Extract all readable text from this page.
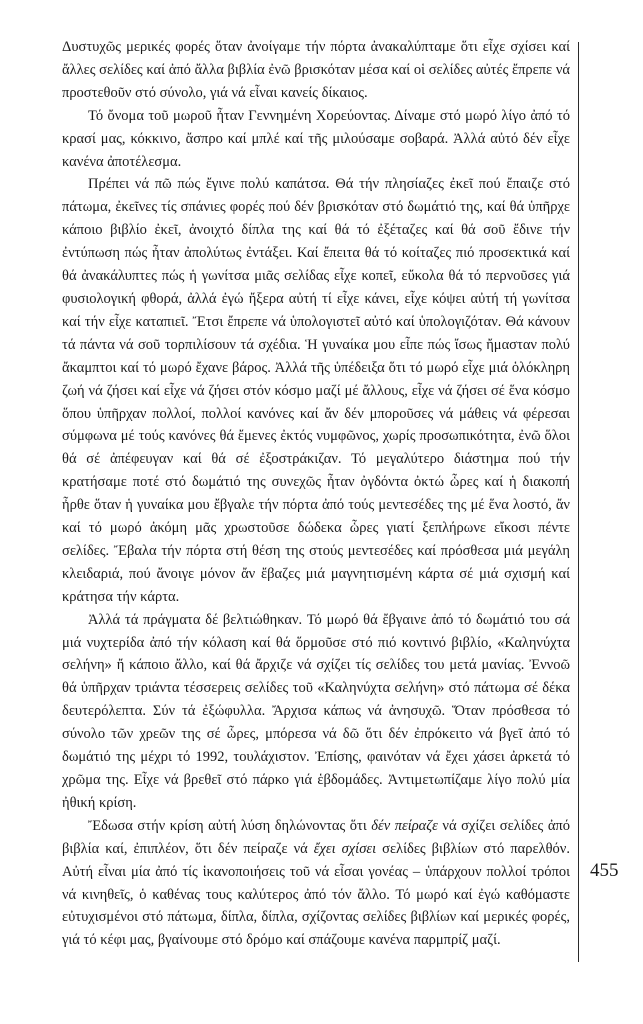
455

Δυστυχῶς μερικές φορές ὅταν ἀνοίγαμε τήν πόρτα ἀνακαλύπταμε ὅτι εἶχε σχίσει καί ἄλλες σελίδες καί ἀπό ἄλλα βιβλία ἐνῶ βρισκόταν μέσα καί οἱ σελίδες αὐτές ἔπρεπε νά προστεθοῦν στό σύνολο, γιά νά εἶναι κανείς δίκαιος.

Τό ὄνομα τοῦ μωροῦ ἦταν Γεννημένη Χορεύοντας. Δίναμε στό μωρό λίγο ἀπό τό κρασί μας, κόκκινο, ἄσπρο καί μπλέ καί τῆς μιλούσαμε σοβαρά. Ἀλλά αὐτό δέν εἶχε κανένα ἀποτέλεσμα.

Πρέπει νά πῶ πώς ἔγινε πολύ καπάτσα. Θά τήν πλησίαζες ἐκεῖ πού ἔπαιζε στό πάτωμα, ἐκεῖνες τίς σπάνιες φορές πού δέν βρισκόταν στό δωμάτιό της, καί θά ὑπῆρχε κάποιο βιβλίο ἐκεῖ, ἀνοιχτό δίπλα της καί θά τό ἐξέταζες καί θά σοῦ ἔδινε τήν ἐντύπωση πώς ἦταν ἀπολύτως ἐντάξει. Καί ἔπειτα θά τό κοίταζες πιό προσεκτικά καί θά ἀνακάλυπτες πώς ἡ γωνίτσα μιᾶς σελίδας εἶχε κοπεῖ, εὔκολα θά τό περνοῦσες γιά φυσιολογική φθορά, ἀλλά ἐγώ ἤξερα αὐτή τί εἶχε κάνει, εἶχε κόψει αὐτή τή γωνίτσα καί τήν εἶχε καταπιεῖ. Ἔτσι ἔπρεπε νά ὑπολογιστεῖ αὐτό καί ὑπολογιζόταν. Θά κάνουν τά πάντα νά σοῦ τορπιλίσουν τά σχέδια. Ἡ γυναίκα μου εἶπε πώς ἴσως ἤμασταν πολύ ἄκαμπτοι καί τό μωρό ἔχανε βάρος. Ἀλλά τῆς ὑπέδειξα ὅτι τό μωρό εἶχε μιά ὁλόκληρη ζωή νά ζήσει καί εἶχε νά ζήσει στόν κόσμο μαζί μέ ἄλλους, εἶχε νά ζήσει σέ ἕνα κόσμο ὅπου ὑπῆρχαν πολλοί, πολλοί κανόνες καί ἄν δέν μποροῦσες νά μάθεις νά φέρεσαι σύμφωνα μέ τούς κανόνες θά ἔμενες ἐκτός νυμφῶνος, χωρίς προσωπικότητα, ἐνῶ ὅλοι θά σέ ἀπέφευγαν καί θά σέ ἐξοστράκιζαν. Τό μεγαλύτερο διάστημα πού τήν κρατήσαμε ποτέ στό δωμάτιό της συνεχῶς ἦταν ὀγδόντα ὀκτώ ὧρες καί ἡ διακοπή ἦρθε ὅταν ἡ γυναίκα μου ἔβγαλε τήν πόρτα ἀπό τούς μεντεσέδες της μέ ἕνα λοστό, ἄν καί τό μωρό ἀκόμη μᾶς χρωστοῦσε δώδεκα ὧρες γιατί ξεπλήρωνε εἴκοσι πέντε σελίδες. Ἔβαλα τήν πόρτα στή θέση της στούς μεντεσέδες καί πρόσθεσα μιά μεγάλη κλειδαριά, πού ἄνοιγε μόνον ἄν ἔβαζες μιά μαγνητισμένη κάρτα σέ μιά σχισμή καί κράτησα τήν κάρτα.

Ἀλλά τά πράγματα δέ βελτιώθηκαν. Τό μωρό θά ἔβγαινε ἀπό τό δωμάτιό του σά μιά νυχτερίδα ἀπό τήν κόλαση καί θά ὅρμοῦσε στό πιό κοντινό βιβλίο, «Καληνύχτα σελήνη» ἤ κάποιο ἄλλο, καί θά ἄρχιζε νά σχίζει τίς σελίδες του μετά μανίας. Ἐννοῶ θά ὑπῆρχαν τριάντα τέσσερεις σελίδες τοῦ «Καληνύχτα σελήνη» στό πάτωμα σέ δέκα δευτερόλεπτα. Σύν τά ἐξώφυλλα. Ἄρχισα κάπως νά ἀνησυχῶ. Ὅταν πρόσθεσα τό σύνολο τῶν χρεῶν της σέ ὧρες, μπόρεσα νά δῶ ὅτι δέν ἐπρόκειτο νά βγεῖ ἀπό τό δωμάτιό της μέχρι τό 1992, τουλάχιστον. Ἐπίσης, φαινόταν νά ἔχει χάσει ἀρκετά τό χρῶμα της. Εἶχε νά βρεθεῖ στό πάρκο γιά ἑβδομάδες. Ἀντιμετωπίζαμε λίγο πολύ μία ἠθική κρίση.

Ἔδωσα στήν κρίση αὐτή λύση δηλώνοντας ὅτι δέν πείραζε νά σχίζει σελίδες ἀπό βιβλία καί, ἐπιπλέον, ὅτι δέν πείραζε νά ἔχει σχίσει σελίδες βιβλίων στό παρελθόν. Αὐτή εἶναι μία ἀπό τίς ἱκανοποιήσεις τοῦ νά εἶσαι γονέας – ὑπάρχουν πολλοί τρόποι νά κινηθεῖς, ὁ καθένας τους καλύτερος ἀπό τόν ἄλλο. Τό μωρό καί ἐγώ καθόμαστε εὐτυχισμένοι στό πάτωμα, δίπλα, δίπλα, σχίζοντας σελίδες βιβλίων καί μερικές φορές, γιά τό κέφι μας, βγαίνουμε στό δρόμο καί σπάζουμε κανένα παρμπρίζ μαζί.
